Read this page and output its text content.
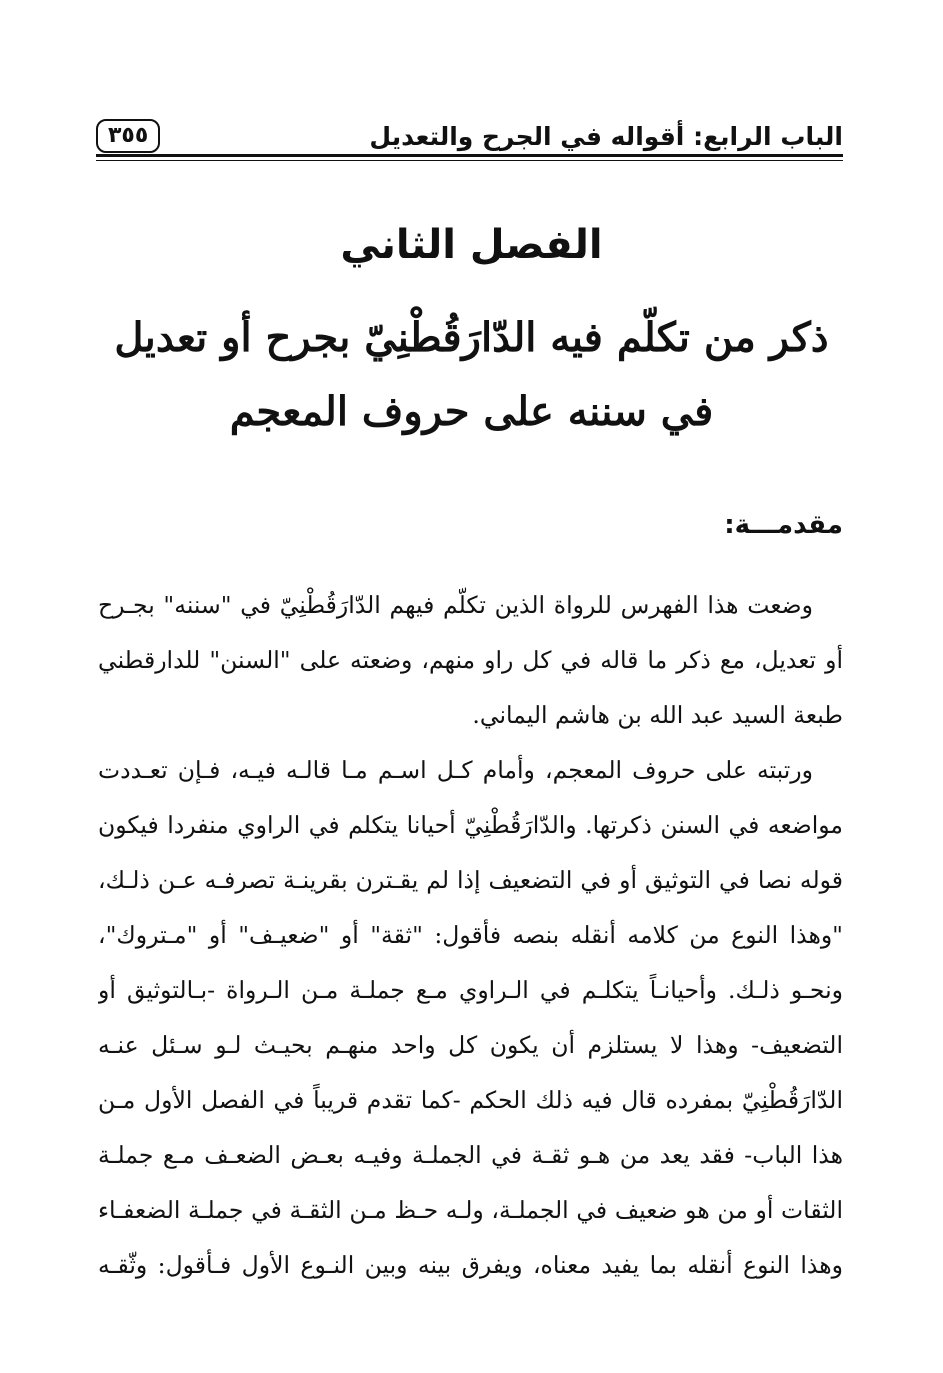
الباب الرابع: أقواله في الجرح والتعديل
٣٥٥
الفصل الثاني
ذكر من تكلّم فيه الدّارَقُطْنِيّ بجرح أو تعديل
في سننه على حروف المعجم
مقدمـــة:
وضعت هذا الفهرس للرواة الذين تكلّم فيهم الدّارَقُطْنِيّ في "سننه" بجـرح
أو تعديل، مع ذكر ما قاله في كل راو منهم، وضعته على "السنن" للدارقطني
طبعة السيد عبد الله بن هاشم اليماني.
ورتبته على حروف المعجم، وأمام كـل اسـم مـا قالـه فيـه، فـإن تعـددت
مواضعه في السنن ذكرتها. والدّارَقُطْنِيّ أحيانا يتكلم في الراوي منفردا فيكون
قوله نصا في التوثيق أو في التضعيف إذا لم يقـترن بقرينـة تصرفـه عـن ذلـك،
"وهذا النوع من كلامه أنقله بنصه فأقول: "ثقة" أو "ضعيـف" أو "مـتروك"،
ونحـو ذلـك. وأحيانـاً يتكلـم في الـراوي مـع جملـة مـن الـرواة -بـالتوثيق أو
التضعيف- وهذا لا يستلزم أن يكون كل واحد منهـم بحيـث لـو سـئل عنـه
الدّارَقُطْنِيّ بمفرده قال فيه ذلك الحكم -كما تقدم قريباً في الفصل الأول مـن
هذا الباب- فقد يعد من هـو ثقـة في الجملـة وفيـه بعـض الضعـف مـع جملـة
الثقات أو من هو ضعيف في الجملـة، ولـه حـظ مـن الثقـة في جملـة الضعفـاء
وهذا النوع أنقله بما يفيد معناه، ويفرق بينه وبين النـوع الأول فـأقول: وثّقـه
